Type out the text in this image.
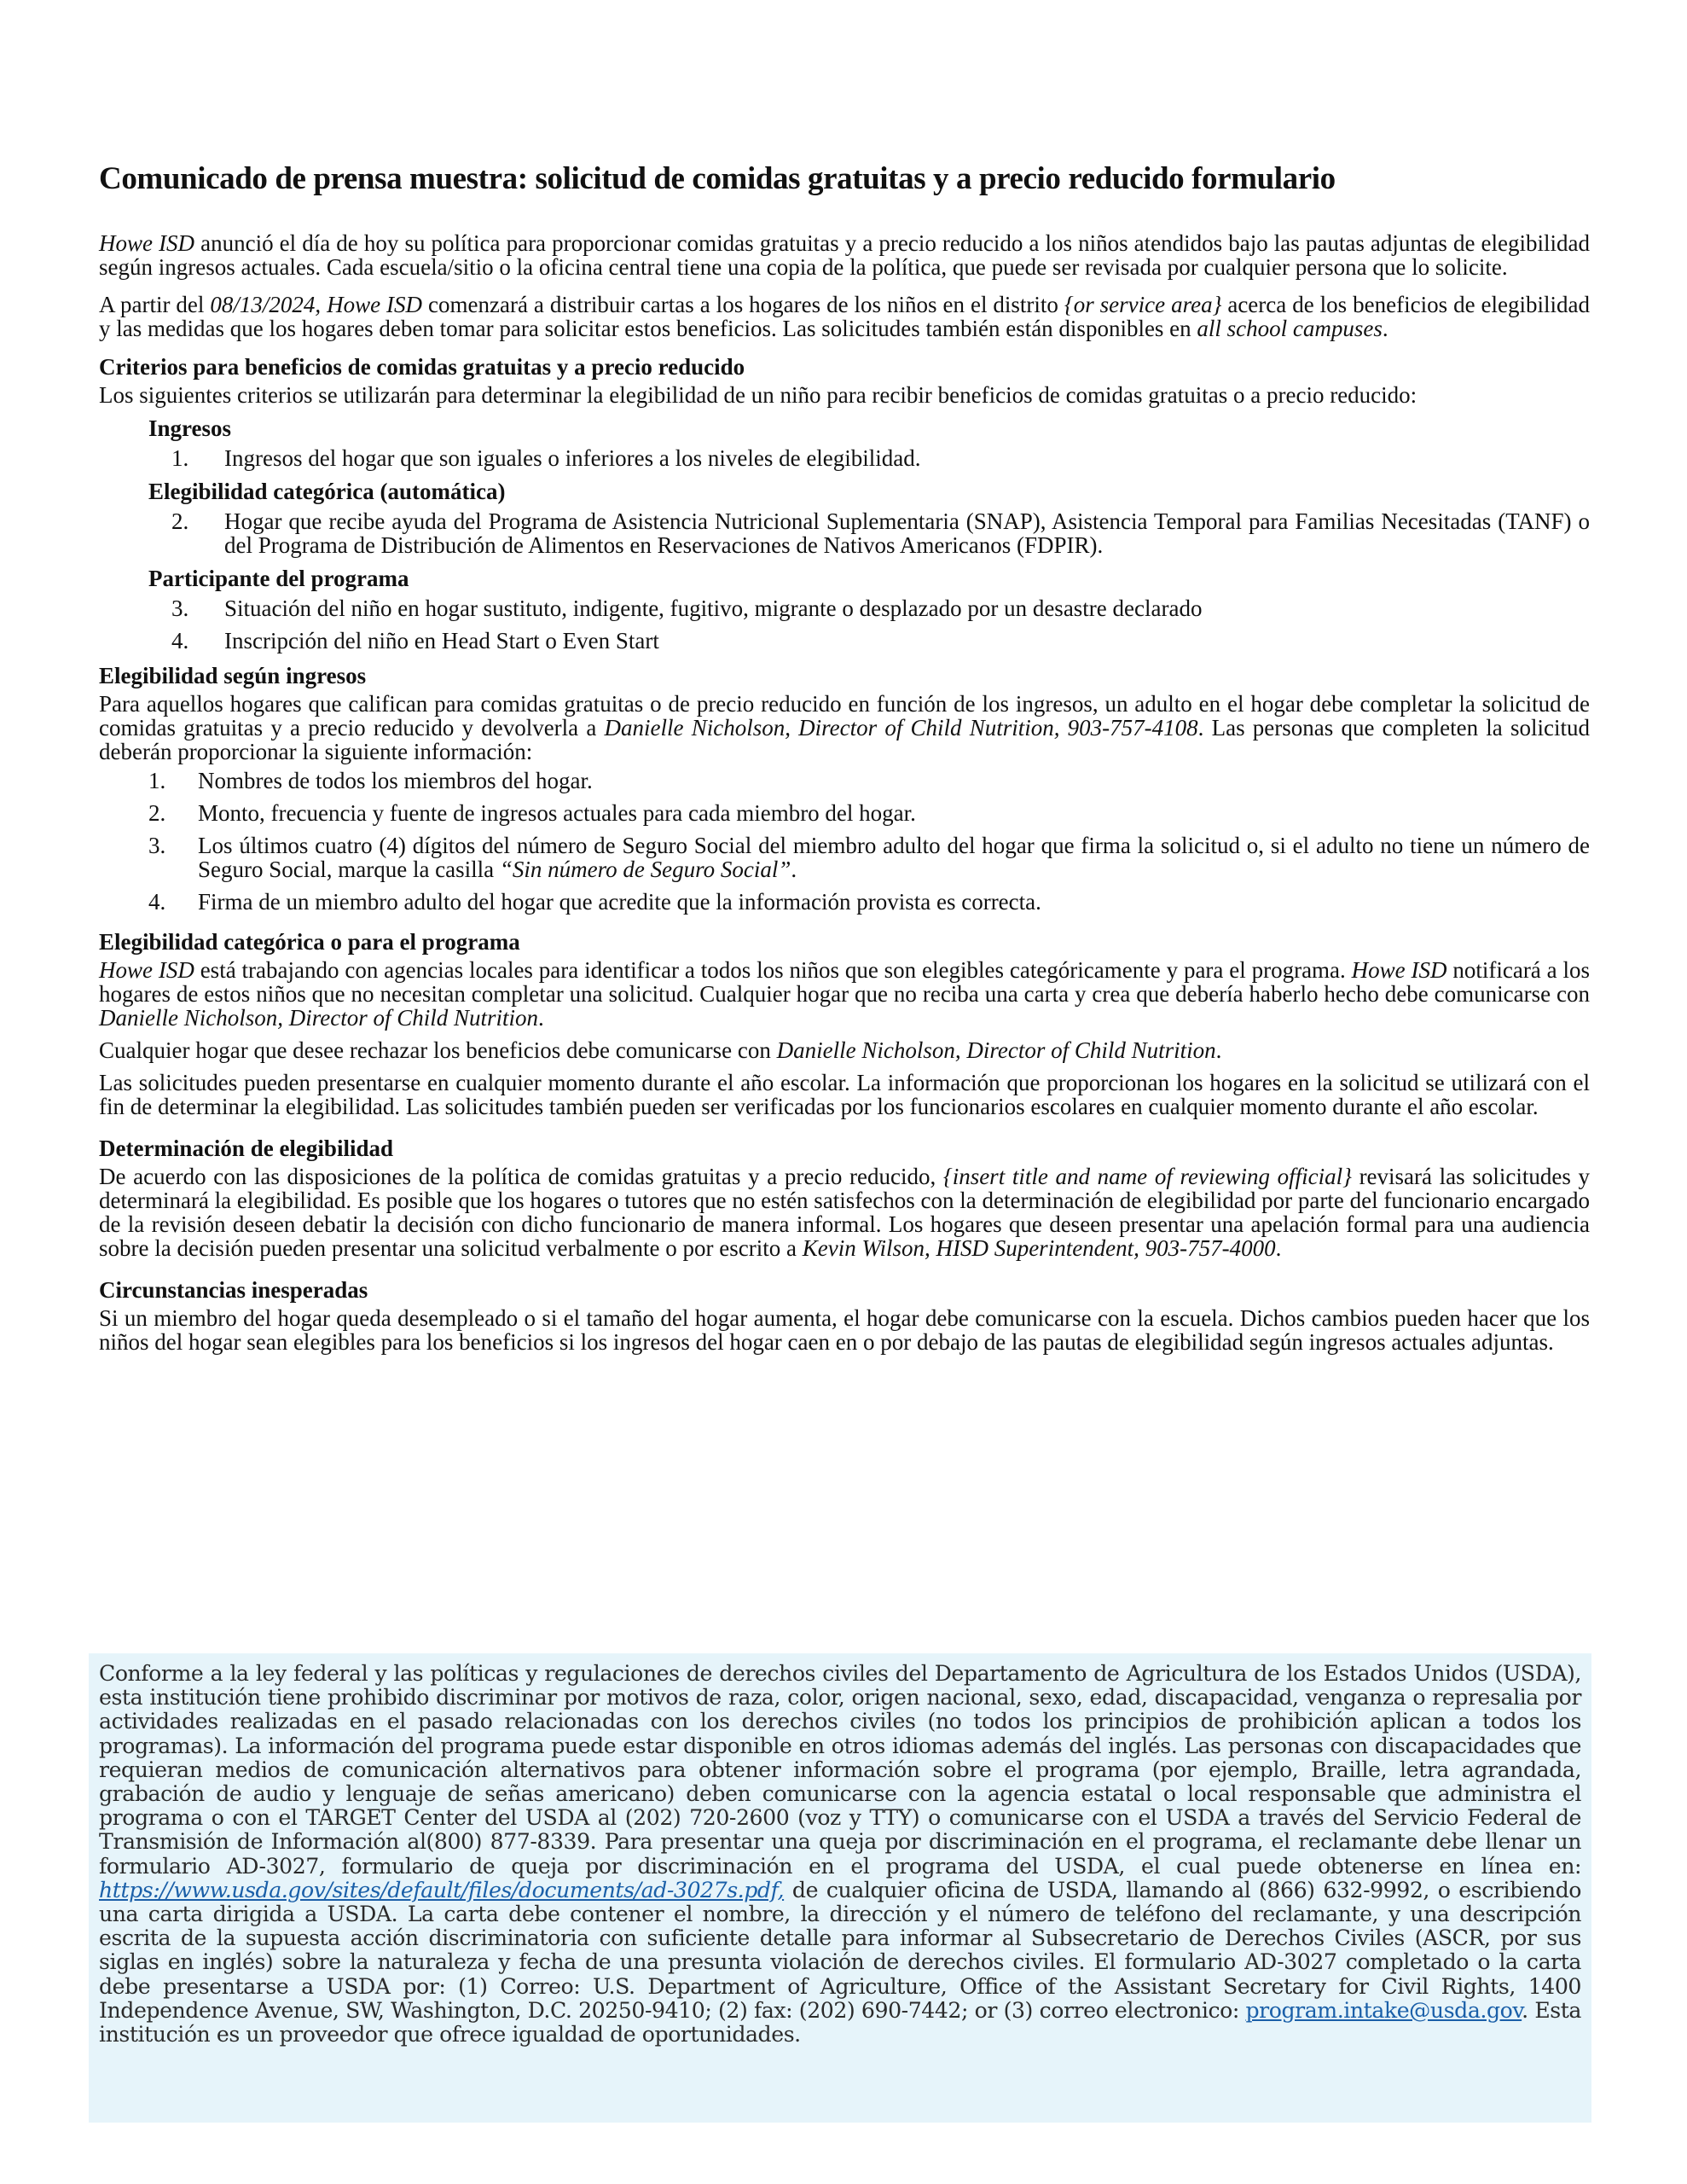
Comunicado de prensa muestra: solicitud de comidas gratuitas y a precio reducido formulario

Howe ISD anunció el día de hoy su política para proporcionar comidas gratuitas y a precio reducido a los niños atendidos bajo las pautas adjuntas de elegibilidad según ingresos actuales. Cada escuela/sitio o la oficina central tiene una copia de la política, que puede ser revisada por cualquier persona que lo solicite.

A partir del 08/13/2024, Howe ISD comenzará a distribuir cartas a los hogares de los niños en el distrito {or service area} acerca de los beneficios de elegibilidad y las medidas que los hogares deben tomar para solicitar estos beneficios. Las solicitudes también están disponibles en all school campuses.

Criterios para beneficios de comidas gratuitas y a precio reducido

Los siguientes criterios se utilizarán para determinar la elegibilidad de un niño para recibir beneficios de comidas gratuitas o a precio reducido:

Ingresos
1. Ingresos del hogar que son iguales o inferiores a los niveles de elegibilidad.
Elegibilidad categórica (automática)
2. Hogar que recibe ayuda del Programa de Asistencia Nutricional Suplementaria (SNAP), Asistencia Temporal para Familias Necesitadas (TANF) o del Programa de Distribución de Alimentos en Reservaciones de Nativos Americanos (FDPIR).
Participante del programa
3. Situación del niño en hogar sustituto, indigente, fugitivo, migrante o desplazado por un desastre declarado
4. Inscripción del niño en Head Start o Even Start
Elegibilidad según ingresos

Para aquellos hogares que califican para comidas gratuitas o de precio reducido en función de los ingresos, un adulto en el hogar debe completar la solicitud de comidas gratuitas y a precio reducido y devolverla a Danielle Nicholson, Director of Child Nutrition, 903-757-4108. Las personas que completen la solicitud deberán proporcionar la siguiente información:

1. Nombres de todos los miembros del hogar.
2. Monto, frecuencia y fuente de ingresos actuales para cada miembro del hogar.
3. Los últimos cuatro (4) dígitos del número de Seguro Social del miembro adulto del hogar que firma la solicitud o, si el adulto no tiene un número de Seguro Social, marque la casilla “Sin número de Seguro Social”.
4. Firma de un miembro adulto del hogar que acredite que la información provista es correcta.
Elegibilidad categórica o para el programa

Howe ISD está trabajando con agencias locales para identificar a todos los niños que son elegibles categóricamente y para el programa. Howe ISD notificará a los hogares de estos niños que no necesitan completar una solicitud. Cualquier hogar que no reciba una carta y crea que debería haberlo hecho debe comunicarse con Danielle Nicholson, Director of Child Nutrition.

Cualquier hogar que desee rechazar los beneficios debe comunicarse con Danielle Nicholson, Director of Child Nutrition.

Las solicitudes pueden presentarse en cualquier momento durante el año escolar. La información que proporcionan los hogares en la solicitud se utilizará con el fin de determinar la elegibilidad. Las solicitudes también pueden ser verificadas por los funcionarios escolares en cualquier momento durante el año escolar.

Determinación de elegibilidad

De acuerdo con las disposiciones de la política de comidas gratuitas y a precio reducido, {insert title and name of reviewing official} revisará las solicitudes y determinará la elegibilidad. Es posible que los hogares o tutores que no estén satisfechos con la determinación de elegibilidad por parte del funcionario encargado de la revisión deseen debatir la decisión con dicho funcionario de manera informal. Los hogares que deseen presentar una apelación formal para una audiencia sobre la decisión pueden presentar una solicitud verbalmente o por escrito a Kevin Wilson, HISD Superintendent, 903-757-4000.

Circunstancias inesperadas

Si un miembro del hogar queda desempleado o si el tamaño del hogar aumenta, el hogar debe comunicarse con la escuela. Dichos cambios pueden hacer que los niños del hogar sean elegibles para los beneficios si los ingresos del hogar caen en o por debajo de las pautas de elegibilidad según ingresos actuales adjuntas.

Conforme a la ley federal y las políticas y regulaciones de derechos civiles del Departamento de Agricultura de los Estados Unidos (USDA), esta institución tiene prohibido discriminar por motivos de raza, color, origen nacional, sexo, edad, discapacidad, venganza o represalia por actividades realizadas en el pasado relacionadas con los derechos civiles (no todos los principios de prohibición aplican a todos los programas). La información del programa puede estar disponible en otros idiomas además del inglés. Las personas con discapacidades que requieran medios de comunicación alternativos para obtener información sobre el programa (por ejemplo, Braille, letra agrandada, grabación de audio y lenguaje de señas americano) deben comunicarse con la agencia estatal o local responsable que administra el programa o con el TARGET Center del USDA al (202) 720-2600 (voz y TTY) o comunicarse con el USDA a través del Servicio Federal de Transmisión de Información al(800) 877-8339. Para presentar una queja por discriminación en el programa, el reclamante debe llenar un formulario AD-3027, formulario de queja por discriminación en el programa del USDA, el cual puede obtenerse en línea en: https://www.usda.gov/sites/default/files/documents/ad-3027s.pdf, de cualquier oficina de USDA, llamando al (866) 632-9992, o escribiendo una carta dirigida a USDA. La carta debe contener el nombre, la dirección y el número de teléfono del reclamante, y una descripción escrita de la supuesta acción discriminatoria con suficiente detalle para informar al Subsecretario de Derechos Civiles (ASCR, por sus siglas en inglés) sobre la naturaleza y fecha de una presunta violación de derechos civiles. El formulario AD-3027 completado o la carta debe presentarse a USDA por: (1) Correo: U.S. Department of Agriculture, Office of the Assistant Secretary for Civil Rights, 1400 Independence Avenue, SW, Washington, D.C. 20250-9410; (2) fax: (202) 690-7442; or (3) correo electronico: program.intake@usda.gov. Esta institución es un proveedor que ofrece igualdad de oportunidades.
